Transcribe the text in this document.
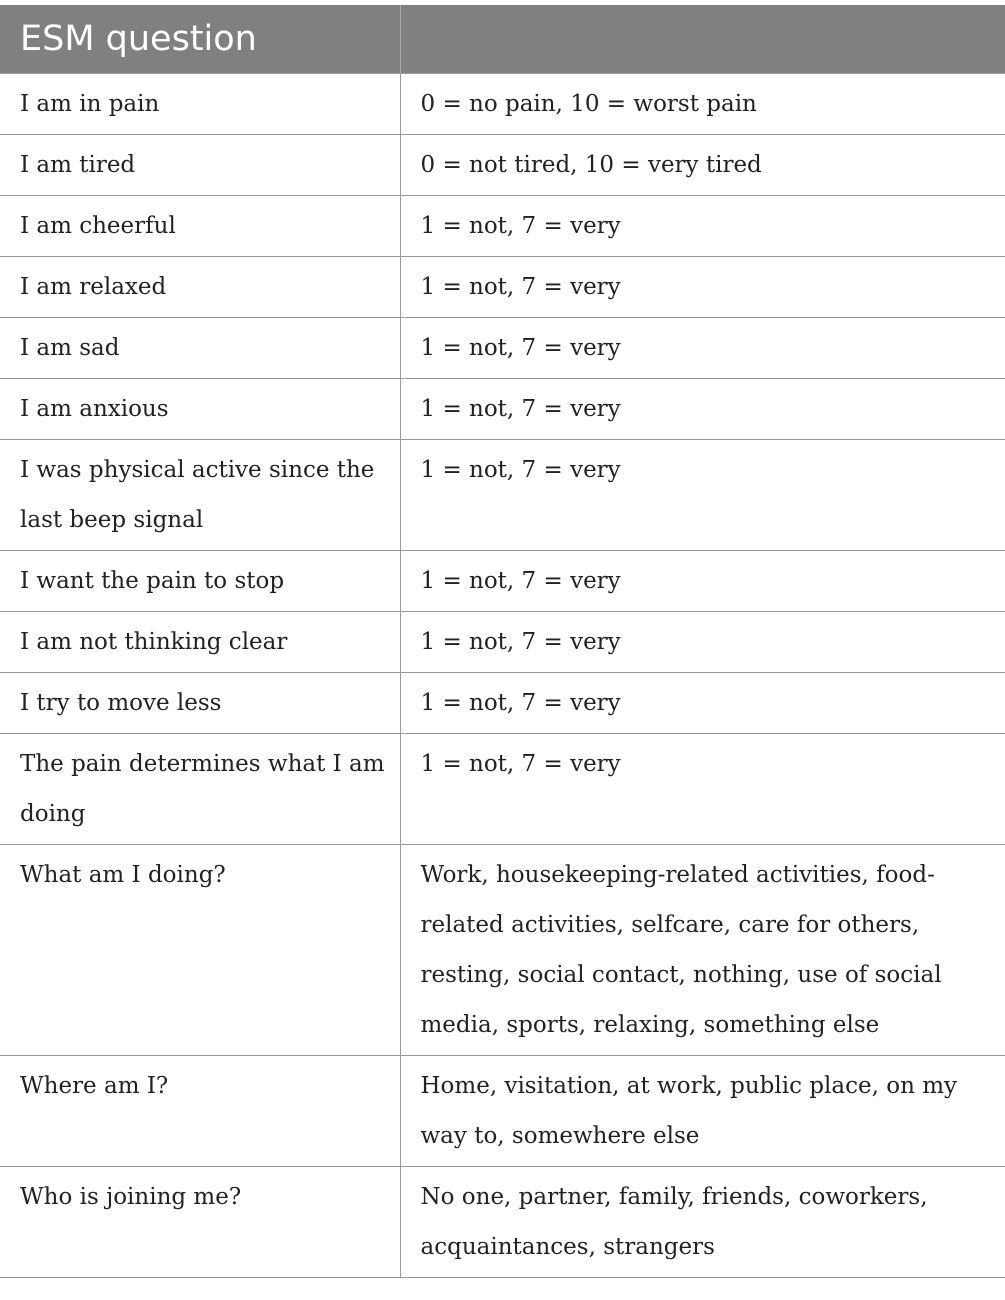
ESM question	
I am in pain	0 = no pain, 10 = worst pain
I am tired	0 = not tired, 10 = very tired
I am cheerful	1 = not, 7 = very
I am relaxed	1 = not, 7 = very
I am sad	1 = not, 7 = very
I am anxious	1 = not, 7 = very
I was physical active since the last beep signal	1 = not, 7 = very
I want the pain to stop	1 = not, 7 = very
I am not thinking clear	1 = not, 7 = very
I try to move less	1 = not, 7 = very
The pain determines what I am doing	1 = not, 7 = very
What am I doing?	Work, housekeeping-related activities, food-related activities, selfcare, care for others, resting, social contact, nothing, use of social media, sports, relaxing, something else
Where am I?	Home, visitation, at work, public place, on my way to, somewhere else
Who is joining me?	No one, partner, family, friends, coworkers, acquaintances, strangers
